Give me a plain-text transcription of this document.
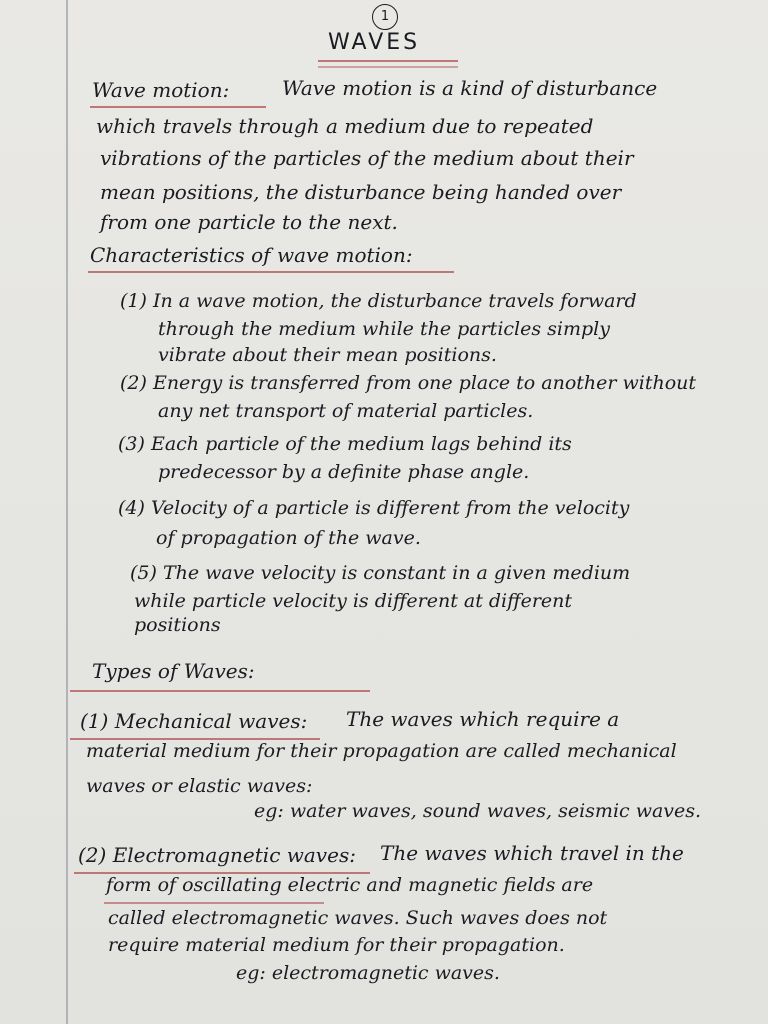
1
WAVES
Wave motion:	Wave motion is a kind of disturbance
which travels through a medium due to repeated
vibrations of the particles of the medium about their
mean positions, the disturbance being handed over
from one particle to the next.
Characteristics of wave motion:
(1) In a wave motion, the disturbance travels forward
through the medium while the particles simply
vibrate about their mean positions.
(2) Energy is transferred from one place to another without
any net transport of material particles.
(3) Each particle of the medium lags behind its
predecessor by a definite phase angle.
(4) Velocity of a particle is different from the velocity
of propagation of the wave.
(5) The wave velocity is constant in a given medium
while particle velocity is different at different
positions
Types of Waves:
(1) Mechanical waves: The waves which require a
material medium for their propagation are called mechanical
waves or elastic waves:
eg: water waves, sound waves, seismic waves.
(2) Electromagnetic waves: The waves which travel in the
form of oscillating electric and magnetic fields are
called electromagnetic waves. Such waves does not
require material medium for their propagation.
eg: electromagnetic waves.
